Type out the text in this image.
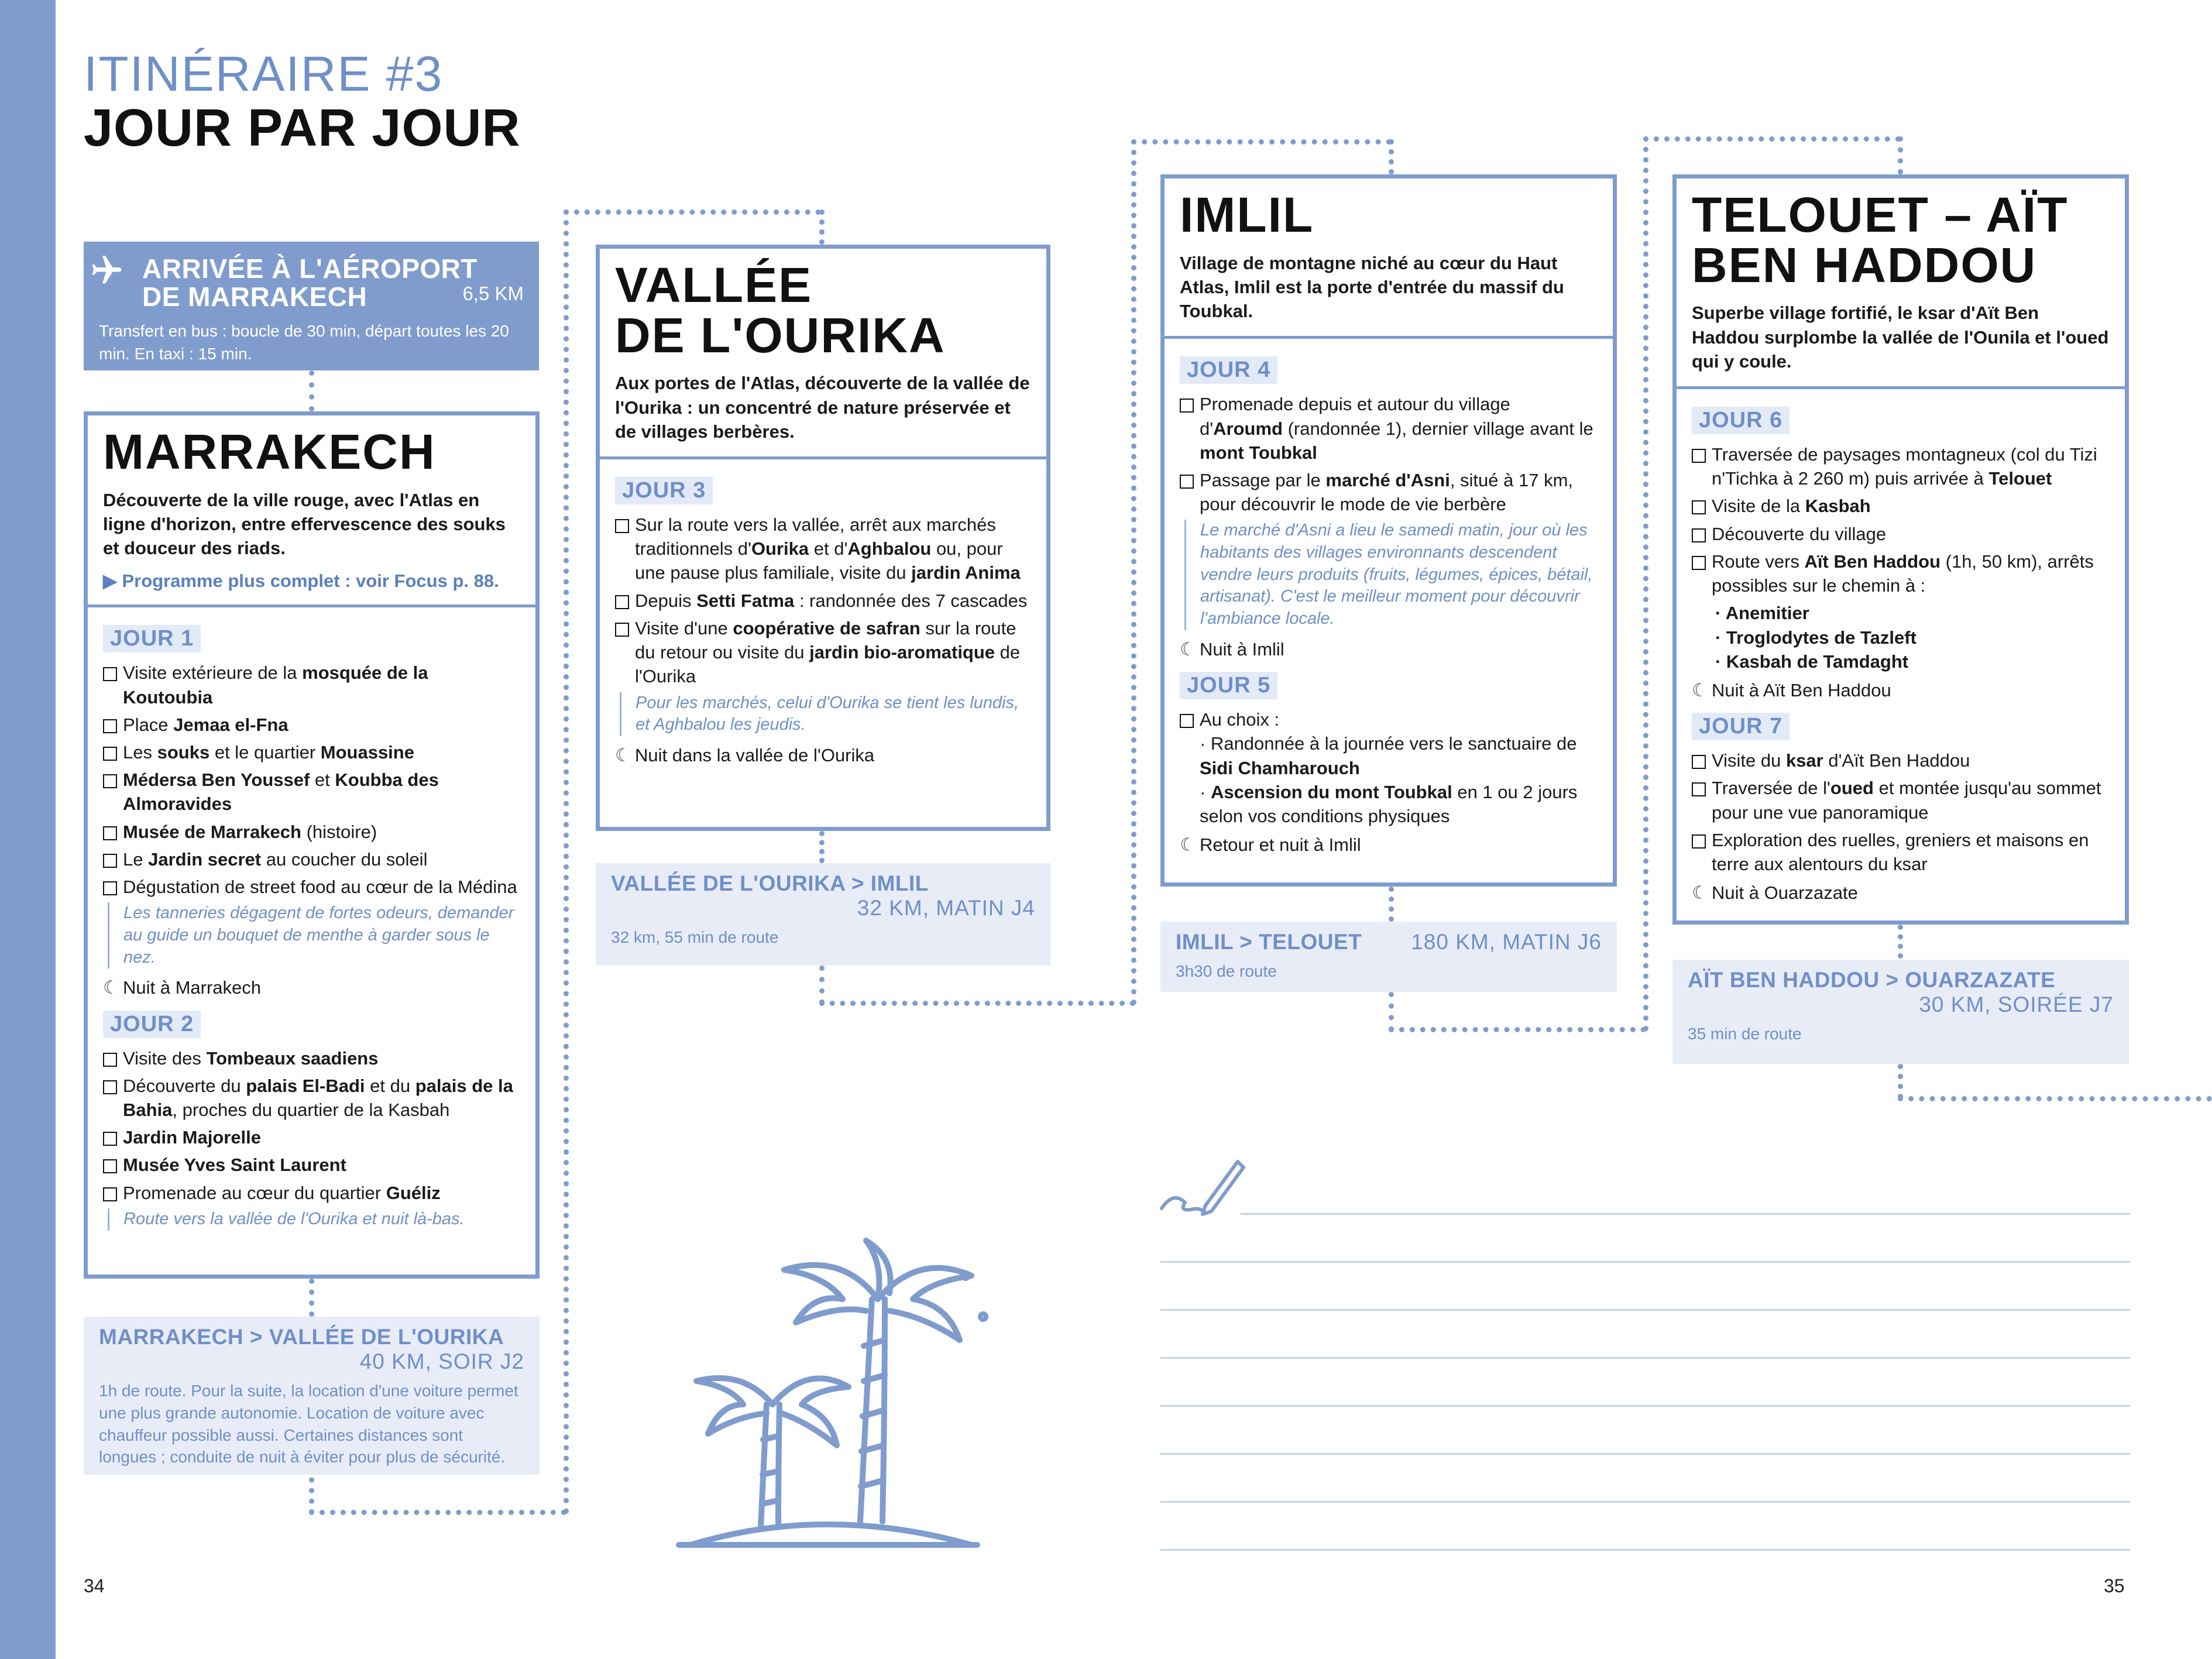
ITINÉRAIRE #3
JOUR PAR JOUR
ARRIVÉE À L'AÉROPORT
DE MARRAKECH	6,5 KM
Transfert en bus : boucle de 30 min, départ toutes les 20 min. En taxi : 15 min.
MARRAKECH
Découverte de la ville rouge, avec l'Atlas en ligne d'horizon, entre effervescence des souks et douceur des riads.
▶ Programme plus complet : voir Focus p. 88.
JOUR 1
Visite extérieure de la mosquée de la Koutoubia
Place Jemaa el-Fna
Les souks et le quartier Mouassine
Médersa Ben Youssef et Koubba des Almoravides
Musée de Marrakech (histoire)
Le Jardin secret au coucher du soleil
Dégustation de street food au cœur de la Médina
Les tanneries dégagent de fortes odeurs, demander au guide un bouquet de menthe à garder sous le nez.
☾ Nuit à Marrakech
JOUR 2
Visite des Tombeaux saadiens
Découverte du palais El-Badi et du palais de la Bahia, proches du quartier de la Kasbah
Jardin Majorelle
Musée Yves Saint Laurent
Promenade au cœur du quartier Guéliz
Route vers la vallée de l'Ourika et nuit là-bas.
MARRAKECH > VALLÉE DE L'OURIKA
40 KM, SOIR J2
1h de route. Pour la suite, la location d'une voiture permet une plus grande autonomie. Location de voiture avec chauffeur possible aussi. Certaines distances sont longues ; conduite de nuit à éviter pour plus de sécurité.
VALLÉE
DE L'OURIKA
Aux portes de l'Atlas, découverte de la vallée de l'Ourika : un concentré de nature préservée et de villages berbères.
JOUR 3
Sur la route vers la vallée, arrêt aux marchés traditionnels d'Ourika et d'Aghbalou ou, pour une pause plus familiale, visite du jardin Anima
Depuis Setti Fatma : randonnée des 7 cascades
Visite d'une coopérative de safran sur la route du retour ou visite du jardin bio-aromatique de l'Ourika
Pour les marchés, celui d'Ourika se tient les lundis, et Aghbalou les jeudis.
☾ Nuit dans la vallée de l'Ourika
VALLÉE DE L'OURIKA > IMLIL
32 KM, MATIN J4
32 km, 55 min de route
IMLIL
Village de montagne niché au cœur du Haut Atlas, Imlil est la porte d'entrée du massif du Toubkal.
JOUR 4
Promenade depuis et autour du village d'Aroumd (randonnée 1), dernier village avant le mont Toubkal
Passage par le marché d'Asni, situé à 17 km, pour découvrir le mode de vie berbère
Le marché d'Asni a lieu le samedi matin, jour où les habitants des villages environnants descendent vendre leurs produits (fruits, légumes, épices, bétail, artisanat). C'est le meilleur moment pour découvrir l'ambiance locale.
☾ Nuit à Imlil
JOUR 5
Au choix :
· Randonnée à la journée vers le sanctuaire de Sidi Chamharouch
· Ascension du mont Toubkal en 1 ou 2 jours selon vos conditions physiques
☾ Retour et nuit à Imlil
IMLIL > TELOUET 180 KM, MATIN J6
3h30 de route
TELOUET – AÏT
BEN HADDOU
Superbe village fortifié, le ksar d'Aït Ben Haddou surplombe la vallée de l'Ounila et l'oued qui y coule.
JOUR 6
Traversée de paysages montagneux (col du Tizi n'Tichka à 2 260 m) puis arrivée à Telouet
Visite de la Kasbah
Découverte du village
Route vers Aït Ben Haddou (1h, 50 km), arrêts possibles sur le chemin à :
· Anemitier
· Troglodytes de Tazleft
· Kasbah de Tamdaght
☾ Nuit à Aït Ben Haddou
JOUR 7
Visite du ksar d'Aït Ben Haddou
Traversée de l'oued et montée jusqu'au sommet pour une vue panoramique
Exploration des ruelles, greniers et maisons en terre aux alentours du ksar
☾ Nuit à Ouarzazate
AÏT BEN HADDOU > OUARZAZATE
30 KM, SOIRÉE J7
35 min de route
34	35
